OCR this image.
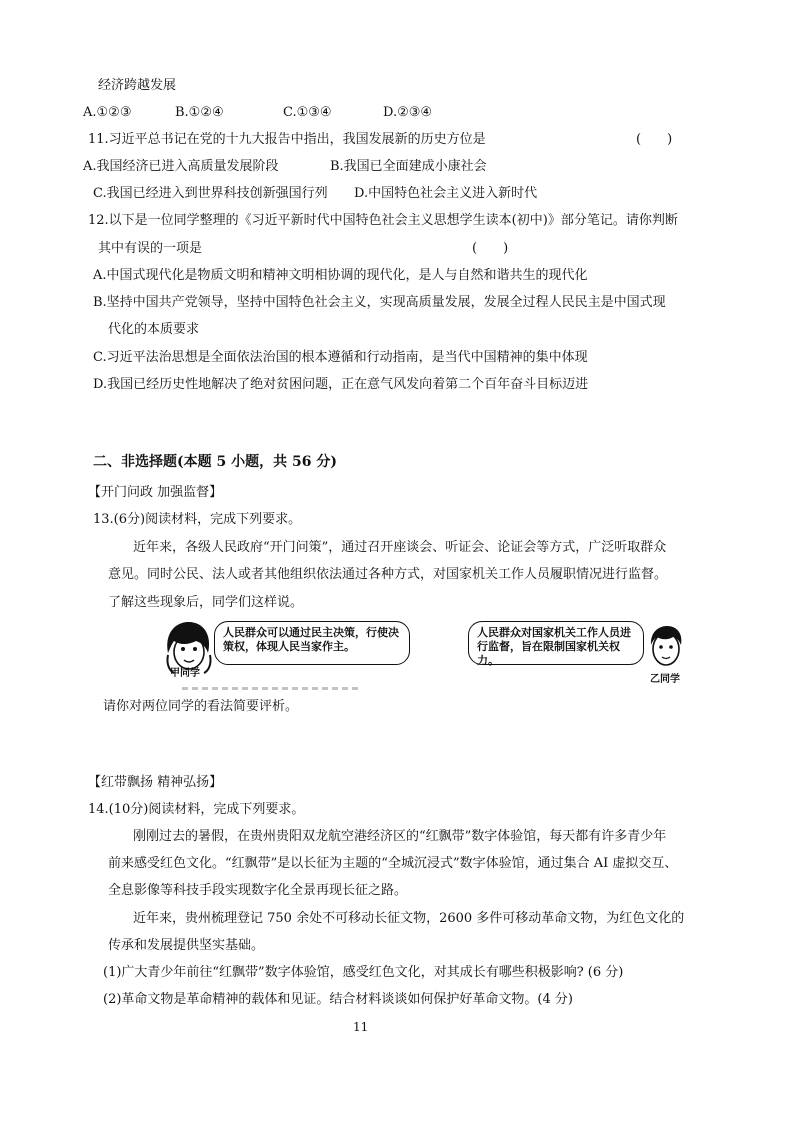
经济跨越发展
A.①②③	B.①②④	C.①③④	D.②③④
11.习近平总书记在党的十九大报告中指出，我国发展新的历史方位是	(　　)
A.我国经济已进入高质量发展阶段	B.我国已全面建成小康社会
C.我国已经进入到世界科技创新强国行列 D.中国特色社会主义进入新时代
12.以下是一位同学整理的《习近平新时代中国特色社会主义思想学生读本(初中)》部分笔记。请你判断
其中有误的一项是	(　　)
A.中国式现代化是物质文明和精神文明相协调的现代化，是人与自然和谐共生的现代化
B.坚持中国共产党领导，坚持中国特色社会主义，实现高质量发展，发展全过程人民民主是中国式现
代化的本质要求
C.习近平法治思想是全面依法治国的根本遵循和行动指南，是当代中国精神的集中体现
D.我国已经历史性地解决了绝对贫困问题，正在意气风发向着第二个百年奋斗目标迈进
二、非选择题(本题 5 小题，共 56 分)
【开门问政 加强监督】
13.(6分)阅读材料，完成下列要求。
近年来，各级人民政府“开门问策”，通过召开座谈会、听证会、论证会等方式，广泛听取群众
意见。同时公民、法人或者其他组织依法通过各种方式，对国家机关工作人员履职情况进行监督。
了解这些现象后，同学们这样说。
人民群众可以通过民主决策，行使决策权，体现人民当家作主。
甲同学
人民群众对国家机关工作人员进行监督，旨在限制国家机关权力。
乙同学
请你对两位同学的看法简要评析。
【红带飘扬 精神弘扬】
14.(10分)阅读材料，完成下列要求。
刚刚过去的暑假，在贵州贵阳双龙航空港经济区的“红飘带”数字体验馆，每天都有许多青少年
前来感受红色文化。“红飘带”是以长征为主题的“全城沉浸式”数字体验馆，通过集合 AI 虚拟交互、
全息影像等科技手段实现数字化全景再现长征之路。
近年来，贵州梳理登记 750 余处不可移动长征文物，2600 多件可移动革命文物，为红色文化的
传承和发展提供坚实基础。
(1)广大青少年前往“红飘带”数字体验馆，感受红色文化，对其成长有哪些积极影响? (6 分)
(2)革命文物是革命精神的载体和见证。结合材料谈谈如何保护好革命文物。(4 分)
11
